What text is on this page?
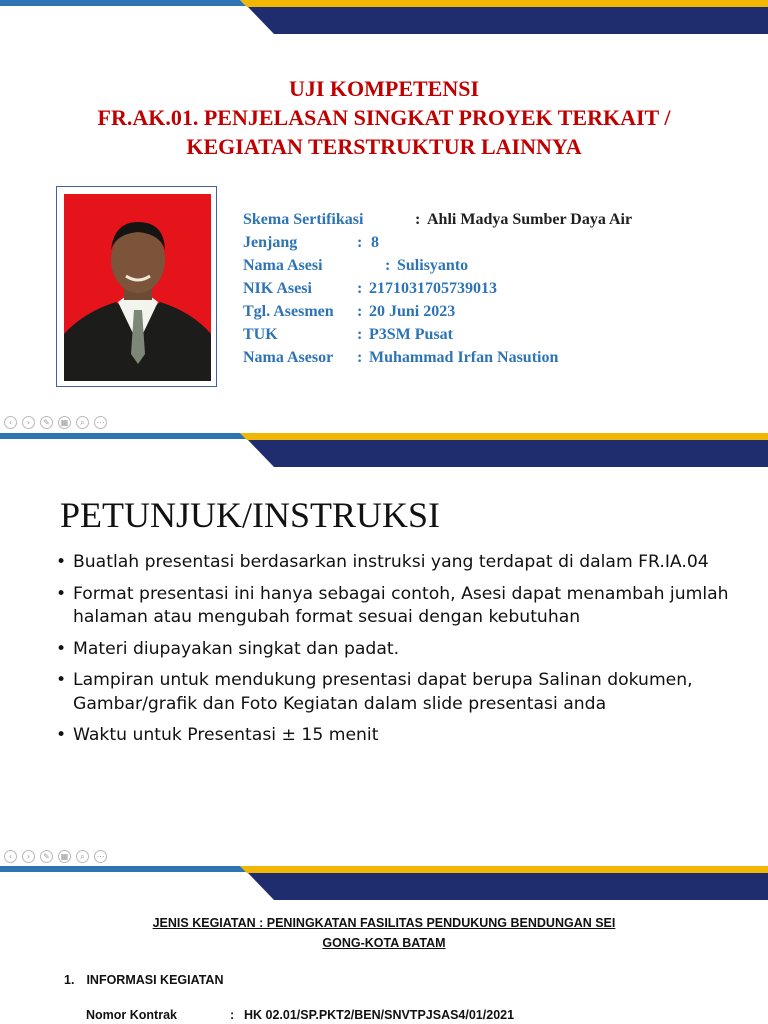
UJI KOMPETENSI
FR.AK.01. PENJELASAN SINGKAT PROYEK TERKAIT /
KEGIATAN TERSTRUKTUR LAINNYA
Skema Sertifikasi	: Ahli Madya Sumber Daya Air
Jenjang	: 8
Nama Asesi	: Sulisyanto
NIK Asesi	: 2171031705739013
Tgl. Asesmen : 20 Juni 2023
TUK	: P3SM Pusat
Nama Asesor : Muhammad Irfan Nasution
‹	›	✎	▦	⌕	⋯
PETUNJUK/INSTRUKSI
• Buatlah presentasi berdasarkan instruksi yang terdapat di dalam FR.IA.04
• Format presentasi ini hanya sebagai contoh, Asesi dapat menambah jumlah halaman atau mengubah format sesuai dengan kebutuhan
• Materi diupayakan singkat dan padat.
• Lampiran untuk mendukung presentasi dapat berupa Salinan dokumen, Gambar/grafik dan Foto Kegiatan dalam slide presentasi anda
• Waktu untuk Presentasi ± 15 menit
‹	›	✎	▦	⌕	⋯
JENIS KEGIATAN : PENINGKATAN FASILITAS PENDUKUNG BENDUNGAN SEI
GONG-KOTA BATAM
1. INFORMASI KEGIATAN
Nomor Kontrak	: HK 02.01/SP.PKT2/BEN/SNVTPJSAS4/01/2021
